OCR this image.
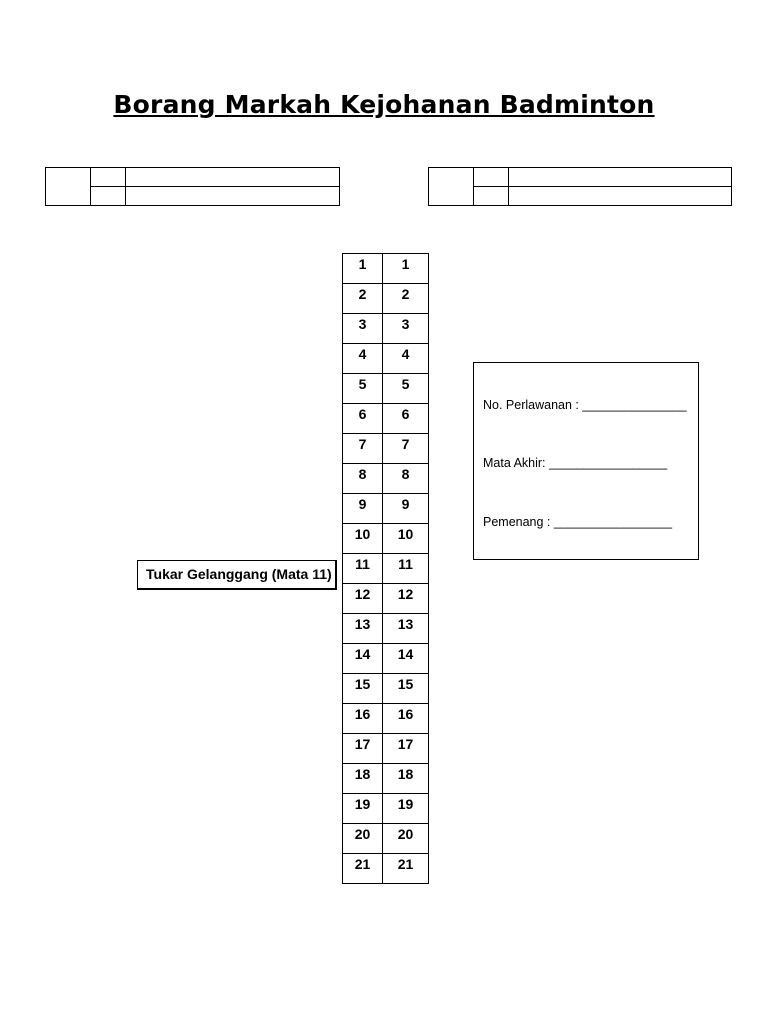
Borang Markah Kejohanan Badminton

Tukar Gelanggang (Mata 11)
1	1
2	2
3	3
4	4
5	5
6	6
7	7
8	8
9	9
10	10
11	11
12	12
13	13
14	14
15	15
16	16
17	17
18	18
19	19
20	20
21	21
No. Perlawanan : _______________
Mata Akhir: _________________
Pemenang : _________________
